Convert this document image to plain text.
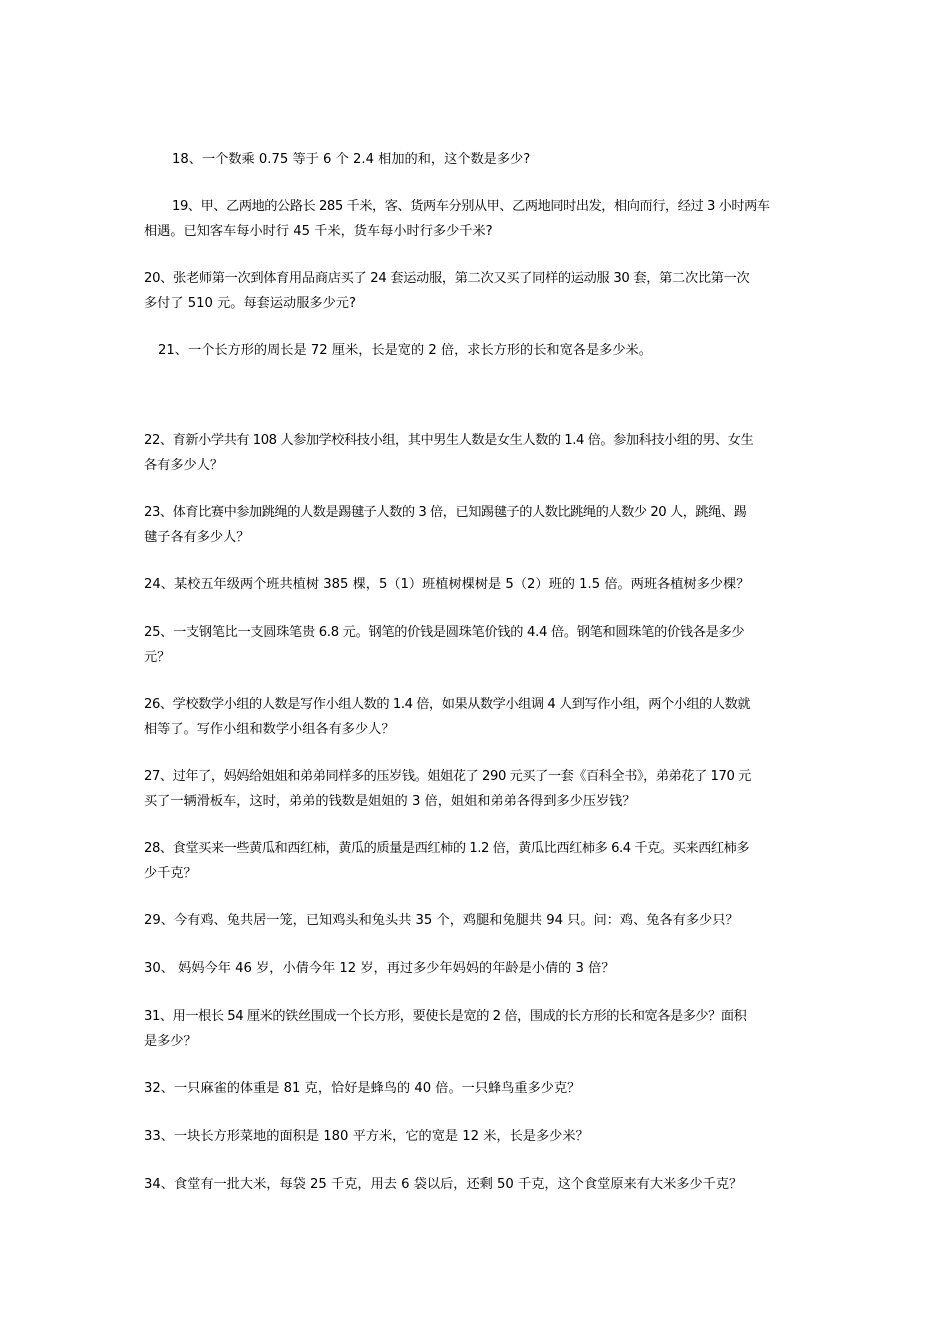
18、一个数乘 0.75 等于 6 个 2.4 相加的和，这个数是多少?
19、甲、乙两地的公路长 285 千米，客、货两车分别从甲、乙两地同时出发，相向而行，经过 3 小时两车
相遇。已知客车每小时行 45 千米，货车每小时行多少千米?
20、张老师第一次到体育用品商店买了 24 套运动服，第二次又买了同样的运动服 30 套，第二次比第一次
多付了 510 元。每套运动服多少元?
21、一个长方形的周长是 72 厘米，长是宽的 2 倍，求长方形的长和宽各是多少米。
22、育新小学共有 108 人参加学校科技小组，其中男生人数是女生人数的 1.4 倍。参加科技小组的男、女生
各有多少人？
23、体育比赛中参加跳绳的人数是踢毽子人数的 3 倍，已知踢毽子的人数比跳绳的人数少 20 人，跳绳、踢
毽子各有多少人？
24、某校五年级两个班共植树 385 棵，5（1）班植树棵树是 5（2）班的 1.5 倍。两班各植树多少棵？
25、一支钢笔比一支圆珠笔贵 6.8 元。钢笔的价钱是圆珠笔价钱的 4.4 倍。钢笔和圆珠笔的价钱各是多少
元？
26、学校数学小组的人数是写作小组人数的 1.4 倍，如果从数学小组调 4 人到写作小组，两个小组的人数就
相等了。写作小组和数学小组各有多少人？
27、过年了，妈妈给姐姐和弟弟同样多的压岁钱。姐姐花了 290 元买了一套《百科全书》，弟弟花了 170 元
买了一辆滑板车，这时，弟弟的钱数是姐姐的 3 倍，姐姐和弟弟各得到多少压岁钱？
28、食堂买来一些黄瓜和西红柿，黄瓜的质量是西红柿的 1.2 倍，黄瓜比西红柿多 6.4 千克。买来西红柿多
少千克？
29、今有鸡、兔共居一笼，已知鸡头和兔头共 35 个，鸡腿和兔腿共 94 只。问：鸡、兔各有多少只？
30、 妈妈今年 46 岁，小倩今年 12 岁，再过多少年妈妈的年龄是小倩的 3 倍？
31、用一根长 54 厘米的铁丝围成一个长方形，要使长是宽的 2 倍，围成的长方形的长和宽各是多少？面积
是多少？
32、一只麻雀的体重是 81 克，恰好是蜂鸟的 40 倍。一只蜂鸟重多少克？
33、一块长方形菜地的面积是 180 平方米，它的宽是 12 米，长是多少米？
34、食堂有一批大米，每袋 25 千克，用去 6 袋以后，还剩 50 千克，这个食堂原来有大米多少千克？
